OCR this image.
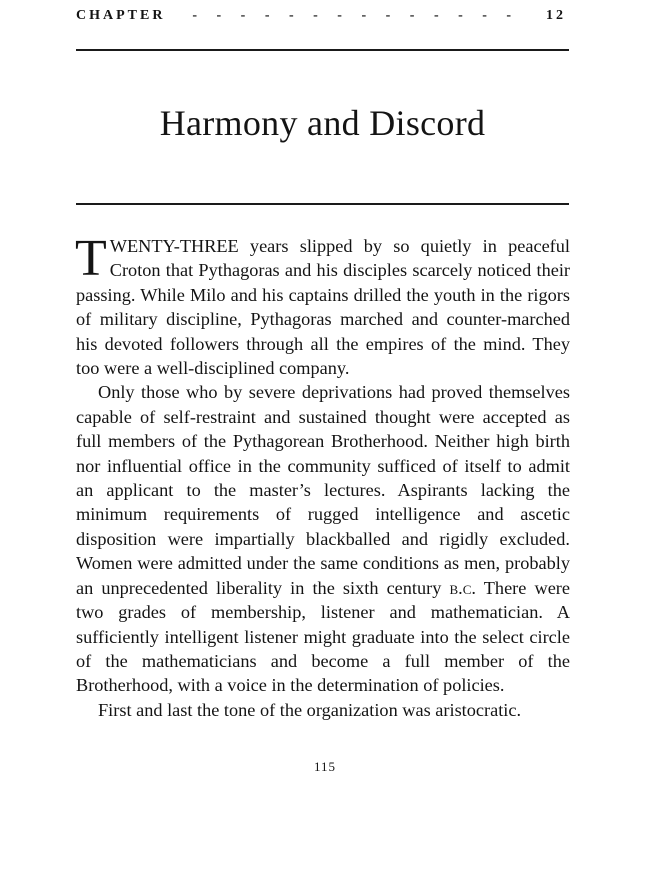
CHAPTER - - - - - - - - - - - - - - 12
Harmony and Discord

TWENTY-THREE years slipped by so quietly in peaceful Croton that Pythagoras and his disciples scarcely noticed their passing. While Milo and his captains drilled the youth in the rigors of military discipline, Pythagoras marched and counter-marched his devoted followers through all the empires of the mind. They too were a well-disciplined company.

Only those who by severe deprivations had proved themselves capable of self-restraint and sustained thought were accepted as full members of the Pythagorean Brotherhood. Neither high birth nor influential office in the community sufficed of itself to admit an applicant to the master’s lectures. Aspirants lacking the minimum requirements of rugged intelligence and ascetic disposition were impartially blackballed and rigidly excluded. Women were admitted under the same conditions as men, probably an unprecedented liberality in the sixth century b.c. There were two grades of membership, listener and mathematician. A sufficiently intelligent listener might graduate into the select circle of the mathematicians and become a full member of the Brotherhood, with a voice in the determination of policies.

First and last the tone of the organization was aristocratic.

115
